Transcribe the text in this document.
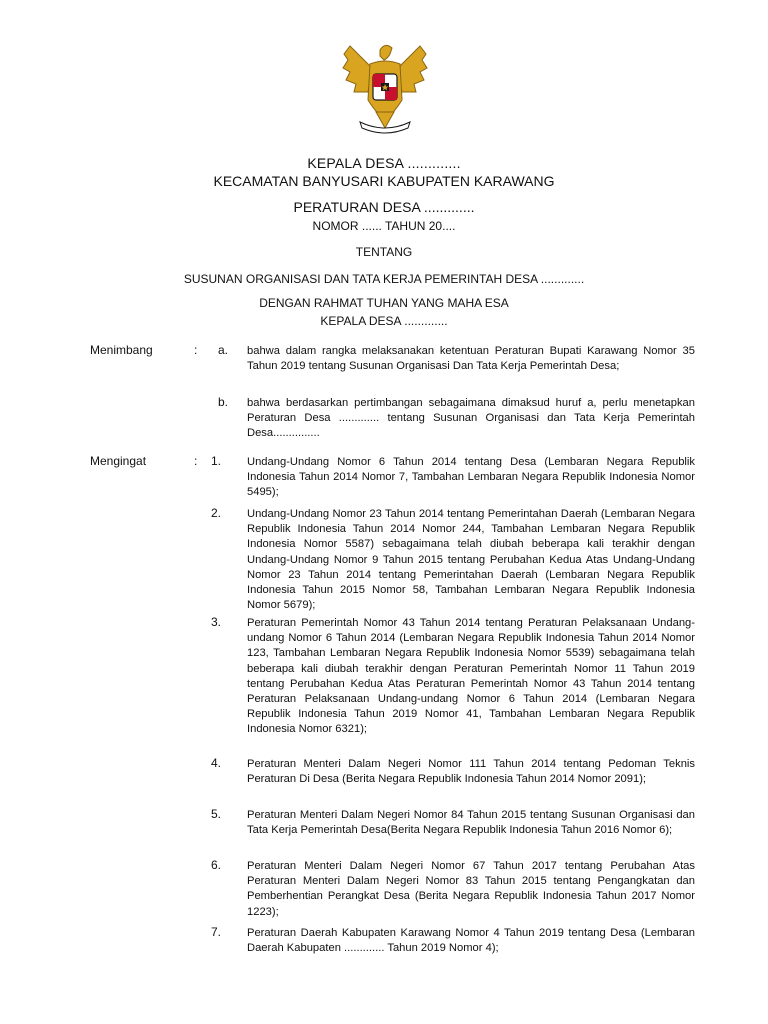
KEPALA DESA .............
KECAMATAN BANYUSARI KABUPATEN KARAWANG
PERATURAN DESA .............
NOMOR ...... TAHUN 20....
TENTANG
SUSUNAN ORGANISASI DAN TATA KERJA PEMERINTAH DESA .............
DENGAN RAHMAT TUHAN YANG MAHA ESA
KEPALA DESA .............
Menimbang	: a. bahwa dalam rangka melaksanakan ketentuan Peraturan Bupati Karawang Nomor 35 Tahun 2019 tentang Susunan Organisasi Dan Tata Kerja Pemerintah Desa;

b. bahwa berdasarkan pertimbangan sebagaimana dimaksud huruf a, perlu menetapkan Peraturan Desa ............. tentang Susunan Organisasi dan Tata Kerja Pemerintah Desa...............

Mengingat	: 1. Undang-Undang Nomor 6 Tahun 2014 tentang Desa (Lembaran Negara Republik Indonesia Tahun 2014 Nomor 7, Tambahan Lembaran Negara Republik Indonesia Nomor 5495);

2. Undang-Undang Nomor 23 Tahun 2014 tentang Pemerintahan Daerah (Lembaran Negara Republik Indonesia Tahun 2014 Nomor 244, Tambahan Lembaran Negara Republik Indonesia Nomor 5587) sebagaimana telah diubah beberapa kali terakhir dengan Undang-Undang Nomor 9 Tahun 2015 tentang Perubahan Kedua Atas Undang-Undang Nomor 23 Tahun 2014 tentang Pemerintahan Daerah (Lembaran Negara Republik Indonesia Tahun 2015 Nomor 58, Tambahan Lembaran Negara Republik Indonesia Nomor 5679);

3. Peraturan Pemerintah Nomor 43 Tahun 2014 tentang Peraturan Pelaksanaan Undang-undang Nomor 6 Tahun 2014 (Lembaran Negara Republik Indonesia Tahun 2014 Nomor 123, Tambahan Lembaran Negara Republik Indonesia Nomor 5539) sebagaimana telah beberapa kali diubah terakhir dengan Peraturan Pemerintah Nomor 11 Tahun 2019 tentang Perubahan Kedua Atas Peraturan Pemerintah Nomor 43 Tahun 2014 tentang Peraturan Pelaksanaan Undang-undang Nomor 6 Tahun 2014 (Lembaran Negara Republik Indonesia Tahun 2019 Nomor 41, Tambahan Lembaran Negara Republik Indonesia Nomor 6321);

4. Peraturan Menteri Dalam Negeri Nomor 111 Tahun 2014 tentang Pedoman Teknis Peraturan Di Desa (Berita Negara Republik Indonesia Tahun 2014 Nomor 2091);

5. Peraturan Menteri Dalam Negeri Nomor 84 Tahun 2015 tentang Susunan Organisasi dan Tata Kerja Pemerintah Desa(Berita Negara Republik Indonesia Tahun 2016 Nomor 6);

6. Peraturan Menteri Dalam Negeri Nomor 67 Tahun 2017 tentang Perubahan Atas Peraturan Menteri Dalam Negeri Nomor 83 Tahun 2015 tentang Pengangkatan dan Pemberhentian Perangkat Desa (Berita Negara Republik Indonesia Tahun 2017 Nomor 1223);

7. Peraturan Daerah Kabupaten Karawang Nomor 4 Tahun 2019 tentang Desa (Lembaran Daerah Kabupaten ............. Tahun 2019 Nomor 4);
